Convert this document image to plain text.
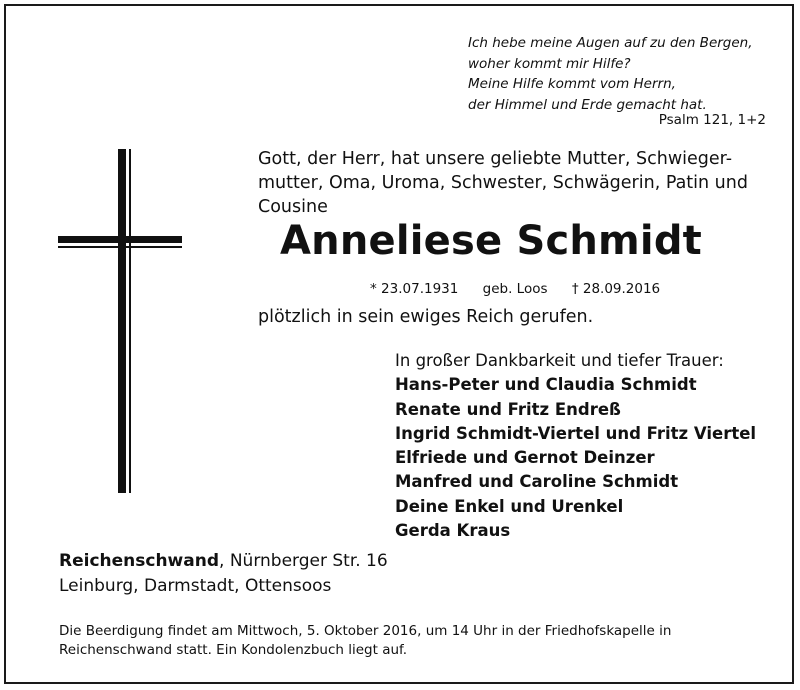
Ich hebe meine Augen auf zu den Bergen,
woher kommt mir Hilfe?
Meine Hilfe kommt vom Herrn,
der Himmel und Erde gemacht hat.
Psalm 121, 1+2
Gott, der Herr, hat unsere geliebte Mutter, Schwieger-
mutter, Oma, Uroma, Schwester, Schwägerin, Patin und
Cousine
Anneliese Schmidt
* 23.07.1931 geb. Loos † 28.09.2016
plötzlich in sein ewiges Reich gerufen.
In großer Dankbarkeit und tiefer Trauer:
Hans-Peter und Claudia Schmidt
Renate und Fritz Endreß
Ingrid Schmidt-Viertel und Fritz Viertel
Elfriede und Gernot Deinzer
Manfred und Caroline Schmidt
Deine Enkel und Urenkel
Gerda Kraus
Reichenschwand, Nürnberger Str. 16
Leinburg, Darmstadt, Ottensoos
Die Beerdigung findet am Mittwoch, 5. Oktober 2016, um 14 Uhr in der Friedhofskapelle in
Reichenschwand statt. Ein Kondolenzbuch liegt auf.
